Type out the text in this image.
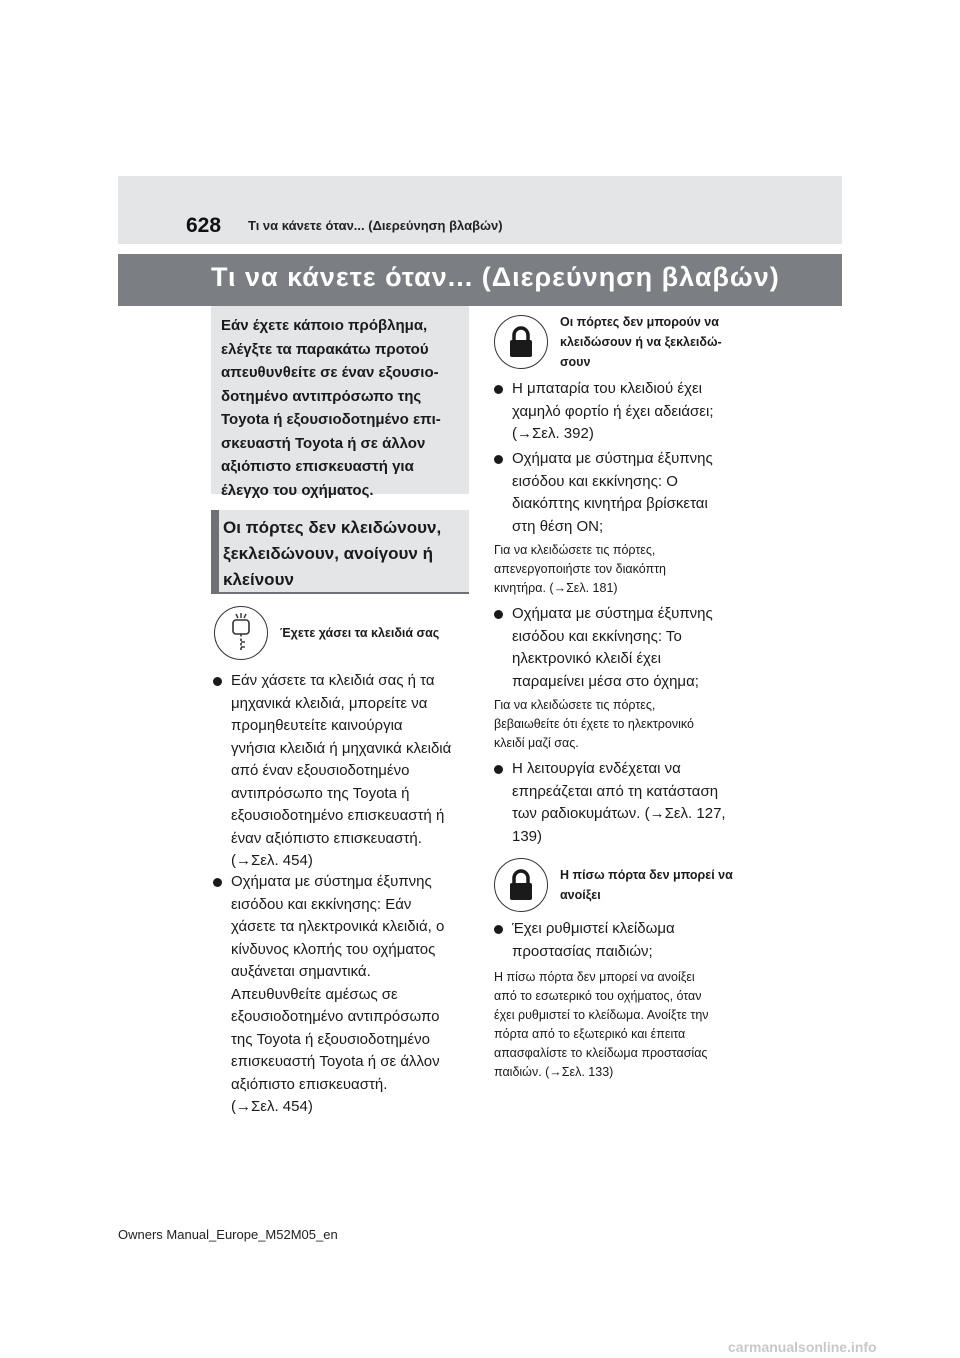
628 Τι να κάνετε όταν... (Διερεύνηση βλαβών)
Τι να κάνετε όταν... (Διερεύνηση βλαβών)

Εάν έχετε κάποιο πρόβλημα,

ελέγξτε τα παρακάτω προτού

απευθυνθείτε σε έναν εξουσιο-

δοτημένο αντιπρόσωπο της

Toyota ή εξουσιοδοτημένο επι-

σκευαστή Toyota ή σε άλλον

αξιόπιστο επισκευαστή για

έλεγχο του οχήματος.

Οι πόρτες δεν κλειδώνουν,

ξεκλειδώνουν, ανοίγουν ή

κλείνουν

Έχετε χάσει τα κλειδιά σας

Εάν χάσετε τα κλειδιά σας ή τα

μηχανικά κλειδιά, μπορείτε να

προμηθευτείτε καινούργια

γνήσια κλειδιά ή μηχανικά κλειδιά

από έναν εξουσιοδοτημένο

αντιπρόσωπο της Toyota ή

εξουσιοδοτημένο επισκευαστή ή

έναν αξιόπιστο επισκευαστή.

(→Σελ. 454)

Οχήματα με σύστημα έξυπνης

εισόδου και εκκίνησης: Εάν

χάσετε τα ηλεκτρονικά κλειδιά, ο

κίνδυνος κλοπής του οχήματος

αυξάνεται σημαντικά.

Απευθυνθείτε αμέσως σε

εξουσιοδοτημένο αντιπρόσωπο

της Toyota ή εξουσιοδοτημένο

επισκευαστή Toyota ή σε άλλον

αξιόπιστο επισκευαστή.

(→Σελ. 454)

Οι πόρτες δεν μπορούν να
κλειδώσουν ή να ξεκλειδώ-
σουν

Η μπαταρία του κλειδιού έχει

χαμηλό φορτίο ή έχει αδειάσει;

(→Σελ. 392)

Οχήματα με σύστημα έξυπνης

εισόδου και εκκίνησης: Ο

διακόπτης κινητήρα βρίσκεται

στη θέση ON;

Για να κλειδώσετε τις πόρτες,

απενεργοποιήστε τον διακόπτη

κινητήρα. (→Σελ. 181)

Οχήματα με σύστημα έξυπνης

εισόδου και εκκίνησης: Το

ηλεκτρονικό κλειδί έχει

παραμείνει μέσα στο όχημα;

Για να κλειδώσετε τις πόρτες,

βεβαιωθείτε ότι έχετε το ηλεκτρονικό

κλειδί μαζί σας.

Η λειτουργία ενδέχεται να

επηρεάζεται από τη κατάσταση

των ραδιοκυμάτων. (→Σελ. 127,

139)

Η πίσω πόρτα δεν μπορεί να
ανοίξει

Έχει ρυθμιστεί κλείδωμα

προστασίας παιδιών;

Η πίσω πόρτα δεν μπορεί να ανοίξει

από το εσωτερικό του οχήματος, όταν

έχει ρυθμιστεί το κλείδωμα. Ανοίξτε την

πόρτα από το εξωτερικό και έπειτα

απασφαλίστε το κλείδωμα προστασίας

παιδιών. (→Σελ. 133)

Owners Manual_Europe_M52M05_en
carmanualsonline.info
